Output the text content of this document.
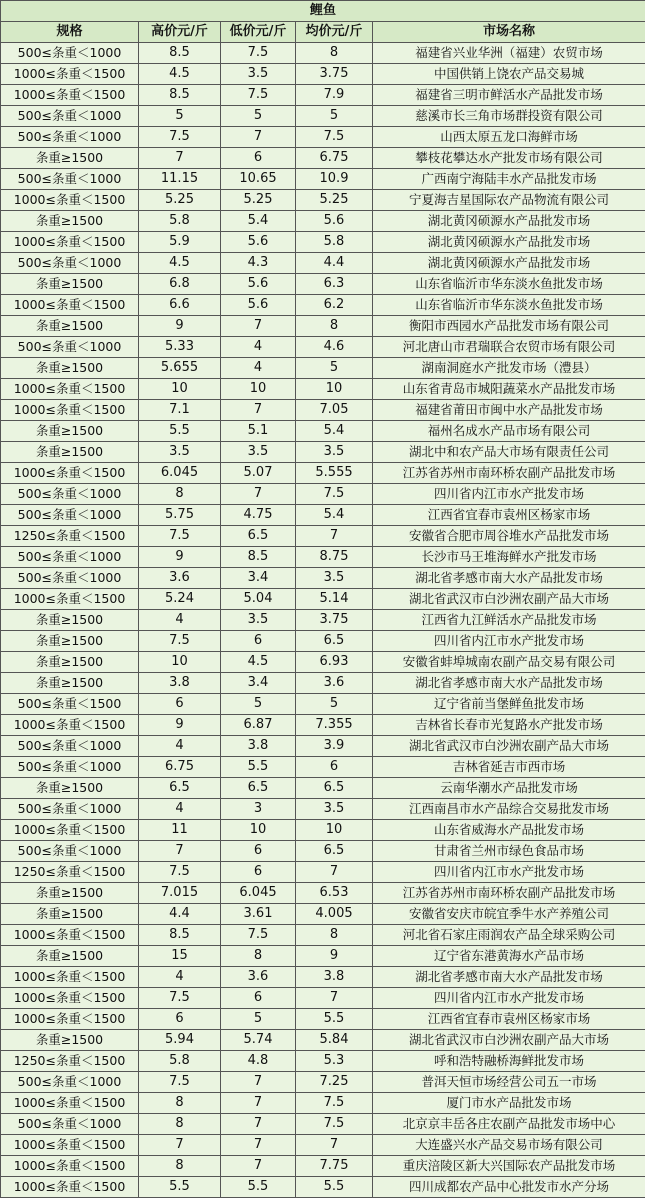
鲤鱼				
规格	高价元/斤	低价元/斤	均价元/斤	市场名称
500≤条重＜1000	8.5	7.5	8	福建省兴业华洲（福建）农贸市场
1000≤条重＜1500	4.5	3.5	3.75	中国供销上饶农产品交易城
1000≤条重＜1500	8.5	7.5	7.9	福建省三明市鲜活水产品批发市场
500≤条重＜1000	5	5	5	慈溪市长三角市场群投资有限公司
500≤条重＜1000	7.5	7	7.5	山西太原五龙口海鲜市场
条重≥1500	7	6	6.75	攀枝花攀达水产批发市场有限公司
500≤条重＜1000	11.15	10.65	10.9	广西南宁海陆丰水产品批发市场
1000≤条重＜1500	5.25	5.25	5.25	宁夏海吉星国际农产品物流有限公司
条重≥1500	5.8	5.4	5.6	湖北黄冈硕源水产品批发市场
1000≤条重＜1500	5.9	5.6	5.8	湖北黄冈硕源水产品批发市场
500≤条重＜1000	4.5	4.3	4.4	湖北黄冈硕源水产品批发市场
条重≥1500	6.8	5.6	6.3	山东省临沂市华东淡水鱼批发市场
1000≤条重＜1500	6.6	5.6	6.2	山东省临沂市华东淡水鱼批发市场
条重≥1500	9	7	8	衡阳市西园水产品批发市场有限公司
500≤条重＜1000	5.33	4	4.6	河北唐山市君瑞联合农贸市场有限公司
条重≥1500	5.655	4	5	湖南洞庭水产批发市场（澧县）
1000≤条重＜1500	10	10	10	山东省青岛市城阳蔬菜水产品批发市场
1000≤条重＜1500	7.1	7	7.05	福建省莆田市闽中水产品批发市场
条重≥1500	5.5	5.1	5.4	福州名成水产品市场有限公司
条重≥1500	3.5	3.5	3.5	湖北中和农产品大市场有限责任公司
1000≤条重＜1500	6.045	5.07	5.555	江苏省苏州市南环桥农副产品批发市场
500≤条重＜1000	8	7	7.5	四川省内江市水产批发市场
500≤条重＜1000	5.75	4.75	5.4	江西省宜春市袁州区杨家市场
1250≤条重＜1500	7.5	6.5	7	安徽省合肥市周谷堆水产品批发市场
500≤条重＜1000	9	8.5	8.75	长沙市马王堆海鲜水产批发市场
500≤条重＜1000	3.6	3.4	3.5	湖北省孝感市南大水产品批发市场
1000≤条重＜1500	5.24	5.04	5.14	湖北省武汉市白沙洲农副产品大市场
条重≥1500	4	3.5	3.75	江西省九江鲜活水产品批发市场
条重≥1500	7.5	6	6.5	四川省内江市水产批发市场
条重≥1500	10	4.5	6.93	安徽省蚌埠城南农副产品交易有限公司
条重≥1500	3.8	3.4	3.6	湖北省孝感市南大水产品批发市场
500≤条重＜1500	6	5	5	辽宁省前当堡鲜鱼批发市场
1000≤条重＜1500	9	6.87	7.355	吉林省长春市光复路水产批发市场
500≤条重＜1000	4	3.8	3.9	湖北省武汉市白沙洲农副产品大市场
500≤条重＜1000	6.75	5.5	6	吉林省延吉市西市场
条重≥1500	6.5	6.5	6.5	云南华潮水产品批发市场
500≤条重＜1000	4	3	3.5	江西南昌市水产品综合交易批发市场
1000≤条重＜1500	11	10	10	山东省威海水产品批发市场
500≤条重＜1000	7	6	6.5	甘肃省兰州市绿色食品市场
1250≤条重＜1500	7.5	6	7	四川省内江市水产批发市场
条重≥1500	7.015	6.045	6.53	江苏省苏州市南环桥农副产品批发市场
条重≥1500	4.4	3.61	4.005	安徽省安庆市皖宜季牛水产养殖公司
1000≤条重＜1500	8.5	7.5	8	河北省石家庄雨润农产品全球采购公司
条重≥1500	15	8	9	辽宁省东港黄海水产品市场
1000≤条重＜1500	4	3.6	3.8	湖北省孝感市南大水产品批发市场
1000≤条重＜1500	7.5	6	7	四川省内江市水产批发市场
1000≤条重＜1500	6	5	5.5	江西省宜春市袁州区杨家市场
条重≥1500	5.94	5.74	5.84	湖北省武汉市白沙洲农副产品大市场
1250≤条重＜1500	5.8	4.8	5.3	呼和浩特融桥海鲜批发市场
500≤条重＜1000	7.5	7	7.25	普洱天恒市场经营公司五一市场
1000≤条重＜1500	8	7	7.5	厦门市水产品批发市场
500≤条重＜1000	8	7	7.5	北京京丰岳各庄农副产品批发市场中心
1000≤条重＜1500	7	7	7	大连盛兴水产品交易市场有限公司
1000≤条重＜1500	8	7	7.75	重庆涪陵区新大兴国际农产品批发市场
1000≤条重＜1500	5.5	5.5	5.5	四川成都农产品中心批发市水产分场
